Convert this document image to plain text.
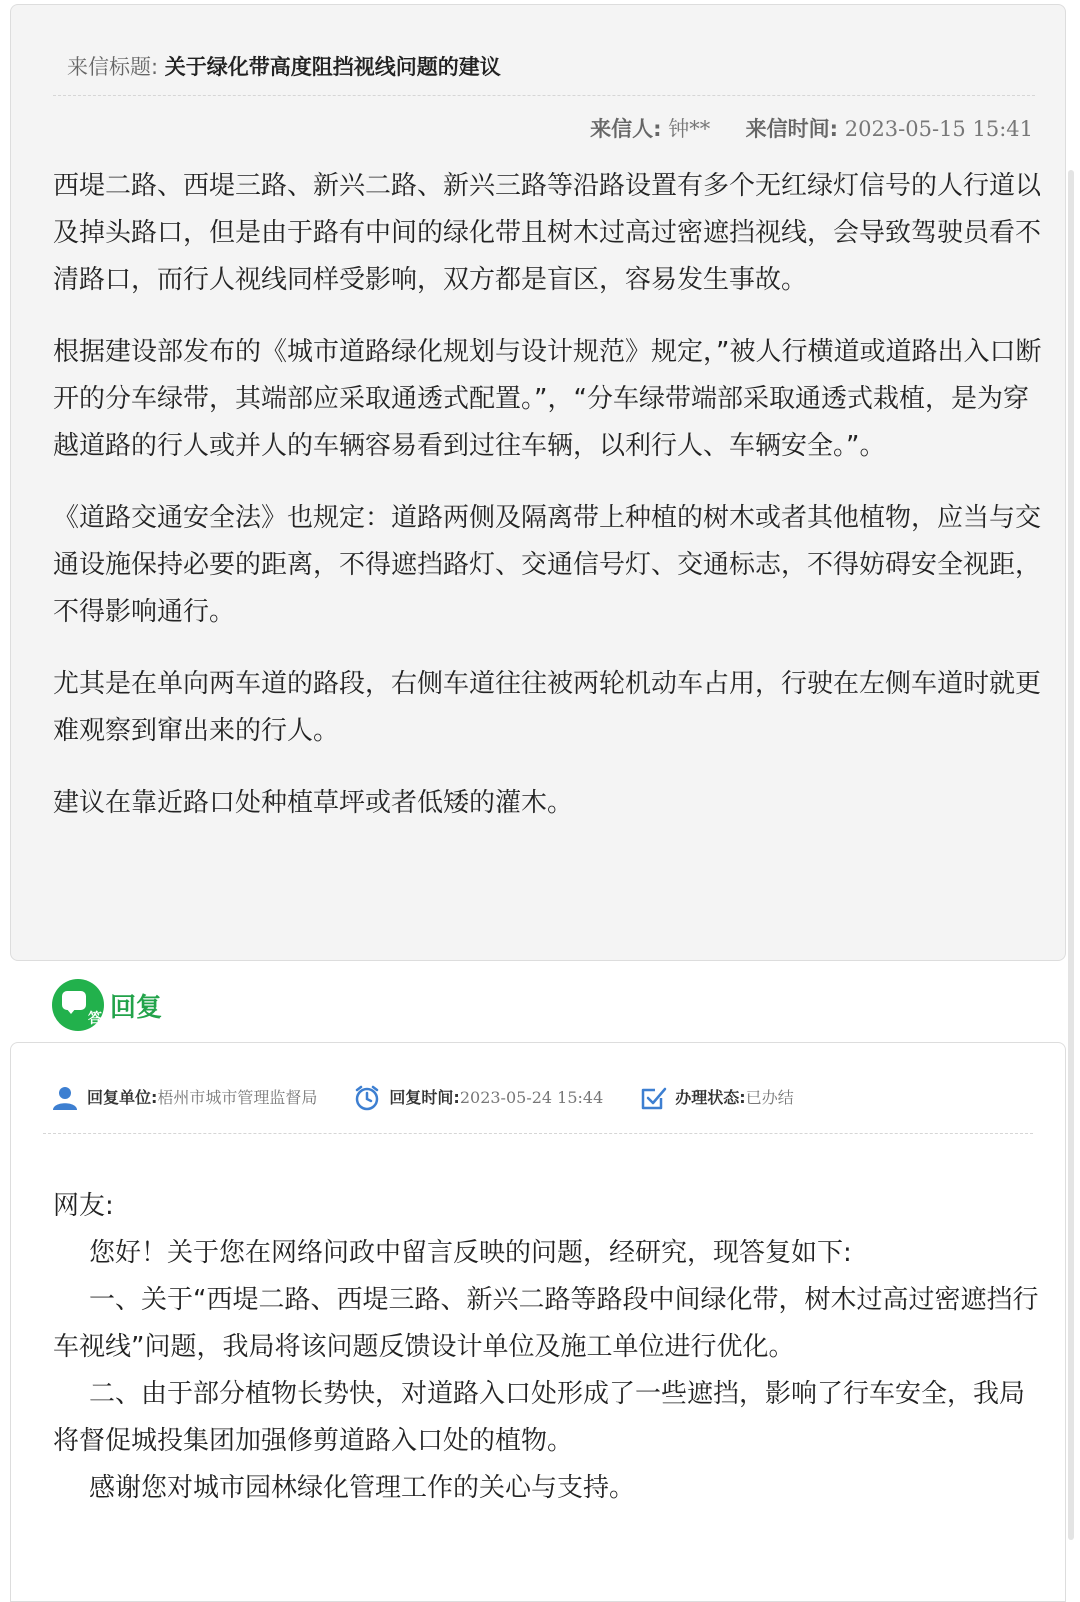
来信标题: 关于绿化带高度阻挡视线问题的建议
来信人: 钟** 来信时间: 2023-05-15 15:41

西堤二路、西堤三路、新兴二路、新兴三路等沿路设置有多个无红绿灯信号的人行道以及掉头路口，但是由于路有中间的绿化带且树木过高过密遮挡视线，会导致驾驶员看不清路口，而行人视线同样受影响，双方都是盲区，容易发生事故。

根据建设部发布的《城市道路绿化规划与设计规范》规定，”被人行横道或道路出入口断开的分车绿带，其端部应采取通透式配置。”，“分车绿带端部采取通透式栽植，是为穿越道路的行人或并人的车辆容易看到过往车辆，以利行人、车辆安全。”。

《道路交通安全法》也规定：道路两侧及隔离带上种植的树木或者其他植物，应当与交通设施保持必要的距离，不得遮挡路灯、交通信号灯、交通标志，不得妨碍安全视距，不得影响通行。

尤其是在单向两车道的路段，右侧车道往往被两轮机动车占用，行驶在左侧车道时就更难观察到窜出来的行人。

建议在靠近路口处种植草坪或者低矮的灌木。

答 回复
回复单位: 梧州市城市管理监督局	回复时间: 2023-05-24 15:44	办理状态: 已办结

网友:

您好！关于您在网络问政中留言反映的问题，经研究，现答复如下:

一、关于“西堤二路、西堤三路、新兴二路等路段中间绿化带，树木过高过密遮挡行车视线”问题，我局将该问题反馈设计单位及施工单位进行优化。

二、由于部分植物长势快，对道路入口处形成了一些遮挡，影响了行车安全，我局将督促城投集团加强修剪道路入口处的植物。

感谢您对城市园林绿化管理工作的关心与支持。
